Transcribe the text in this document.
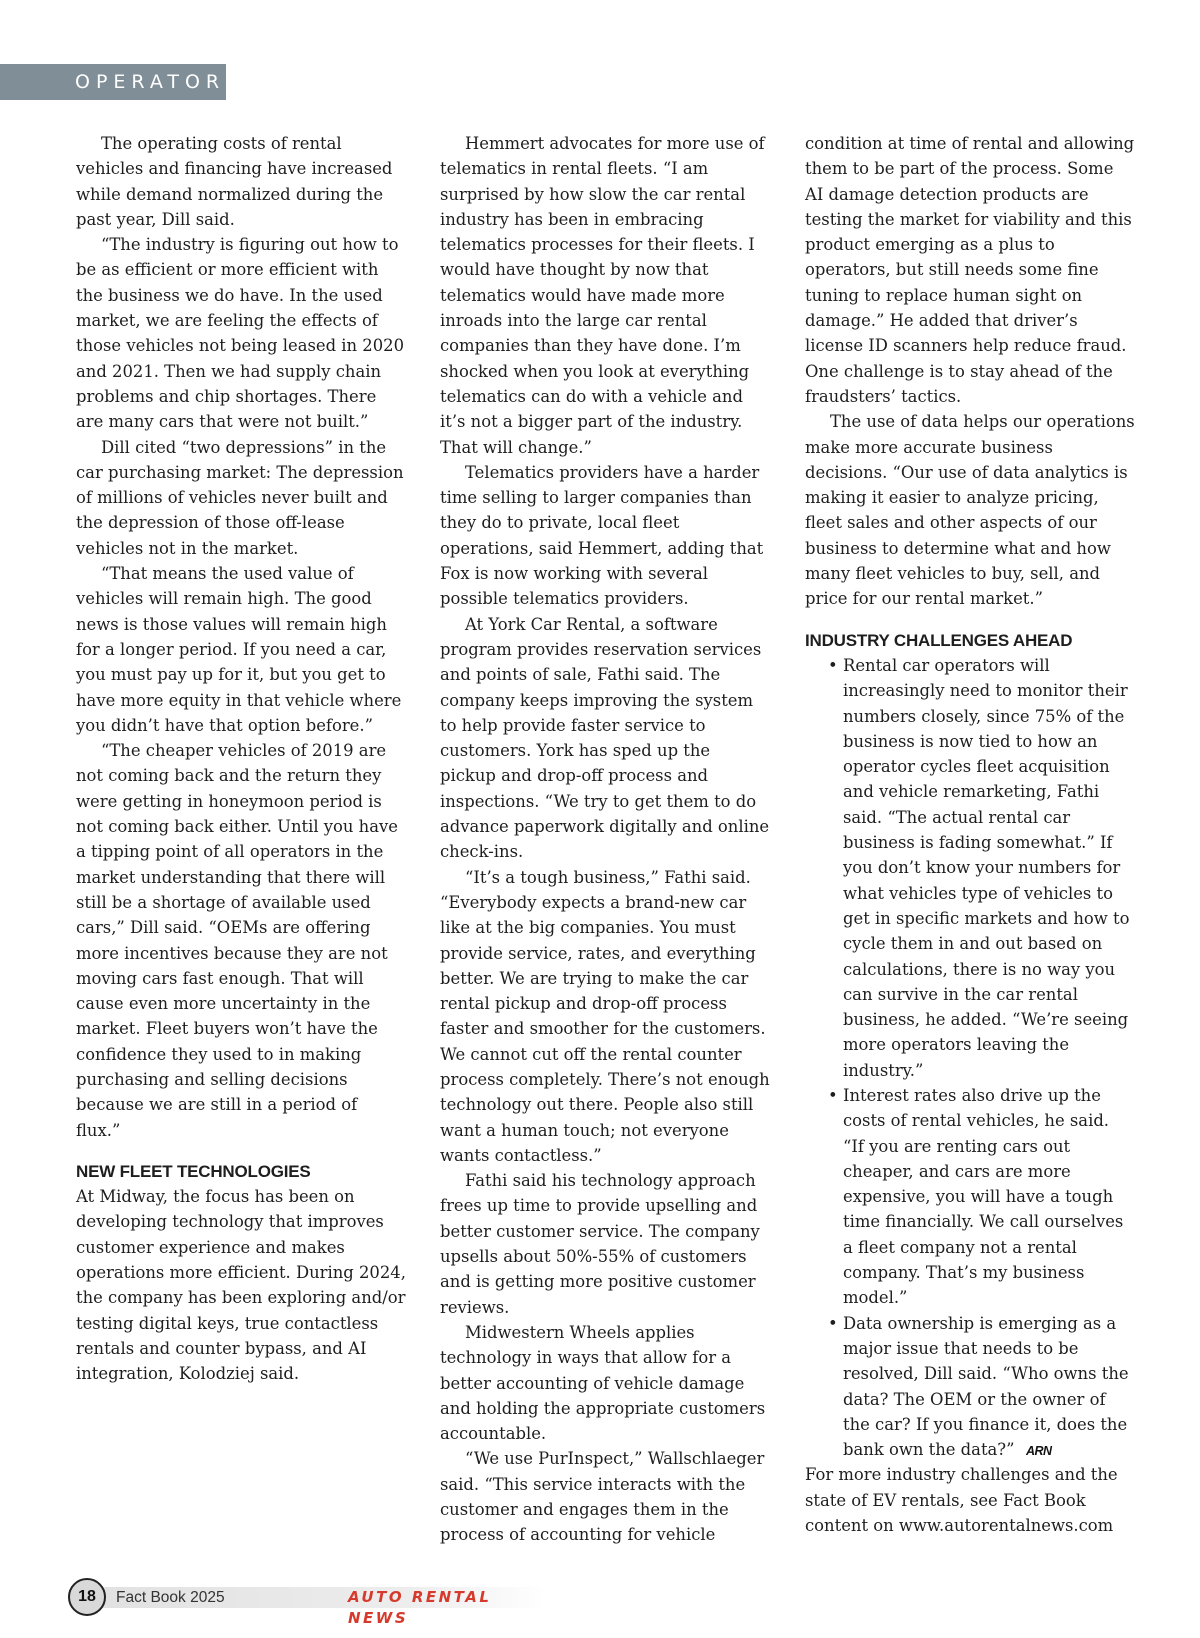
OPERATORS

The operating costs of rental vehicles and financing have increased while demand normalized during the past year, Dill said.

“The industry is figuring out how to be as efficient or more efficient with the business we do have. In the used market, we are feeling the effects of those vehicles not being leased in 2020 and 2021. Then we had supply chain problems and chip shortages. There are many cars that were not built.”

Dill cited “two depressions” in the car purchasing market: The depression of millions of vehicles never built and the depression of those off-lease vehicles not in the market.

“That means the used value of vehicles will remain high. The good news is those values will remain high for a longer period. If you need a car, you must pay up for it, but you get to have more equity in that vehicle where you didn’t have that option before.”

“The cheaper vehicles of 2019 are not coming back and the return they were getting in honeymoon period is not coming back either. Until you have a tipping point of all operators in the market understanding that there will still be a shortage of available used cars,” Dill said. “OEMs are offering more incentives because they are not moving cars fast enough. That will cause even more uncertainty in the market. Fleet buyers won’t have the confidence they used to in making purchasing and selling decisions because we are still in a period of flux.”

NEW FLEET TECHNOLOGIES

At Midway, the focus has been on developing technology that improves customer experience and makes operations more efficient. During 2024, the company has been exploring and/or testing digital keys, true contactless rentals and counter bypass, and AI integration, Kolodziej said.

Hemmert advocates for more use of telematics in rental fleets. “I am surprised by how slow the car rental industry has been in embracing telematics processes for their fleets. I would have thought by now that telematics would have made more inroads into the large car rental companies than they have done. I’m shocked when you look at everything telematics can do with a vehicle and it’s not a bigger part of the industry. That will change.”

Telematics providers have a harder time selling to larger companies than they do to private, local fleet operations, said Hemmert, adding that Fox is now working with several possible telematics providers.

At York Car Rental, a software program provides reservation services and points of sale, Fathi said. The company keeps improving the system to help provide faster service to customers. York has sped up the pickup and drop-off process and inspections. “We try to get them to do advance paperwork digitally and online check-ins.

“It’s a tough business,” Fathi said. “Everybody expects a brand-new car like at the big companies. You must provide service, rates, and everything better. We are trying to make the car rental pickup and drop-off process faster and smoother for the customers. We cannot cut off the rental counter process completely. There’s not enough technology out there. People also still want a human touch; not everyone wants contactless.”

Fathi said his technology approach frees up time to provide upselling and better customer service. The company upsells about 50%-55% of customers and is getting more positive customer reviews.

Midwestern Wheels applies technology in ways that allow for a better accounting of vehicle damage and holding the appropriate customers accountable.

“We use PurInspect,” Wallschlaeger said. “This service interacts with the customer and engages them in the process of accounting for vehicle

condition at time of rental and allowing them to be part of the process. Some AI damage detection products are testing the market for viability and this product emerging as a plus to operators, but still needs some fine tuning to replace human sight on damage.” He added that driver’s license ID scanners help reduce fraud. One challenge is to stay ahead of the fraudsters’ tactics.

The use of data helps our operations make more accurate business decisions. “Our use of data analytics is making it easier to analyze pricing, fleet sales and other aspects of our business to determine what and how many fleet vehicles to buy, sell, and price for our rental market.”

INDUSTRY CHALLENGES AHEAD
• Rental car operators will increasingly need to monitor their numbers closely, since 75% of the business is now tied to how an operator cycles fleet acquisition and vehicle remarketing, Fathi said. “The actual rental car business is fading somewhat.” If you don’t know your numbers for what vehicles type of vehicles to get in specific markets and how to cycle them in and out based on calculations, there is no way you can survive in the car rental business, he added. “We’re seeing more operators leaving the industry.”
• Interest rates also drive up the costs of rental vehicles, he said. “If you are renting cars out cheaper, and cars are more expensive, you will have a tough time financially. We call ourselves a fleet company not a rental company. That’s my business model.”
• Data ownership is emerging as a major issue that needs to be resolved, Dill said. “Who owns the data? The OEM or the owner of the car? If you finance it, does the bank own the data?” ARN

For more industry challenges and the state of EV rentals, see Fact Book content on www.autorentalnews.com

18	Fact Book 2025	AUTO RENTAL NEWS
